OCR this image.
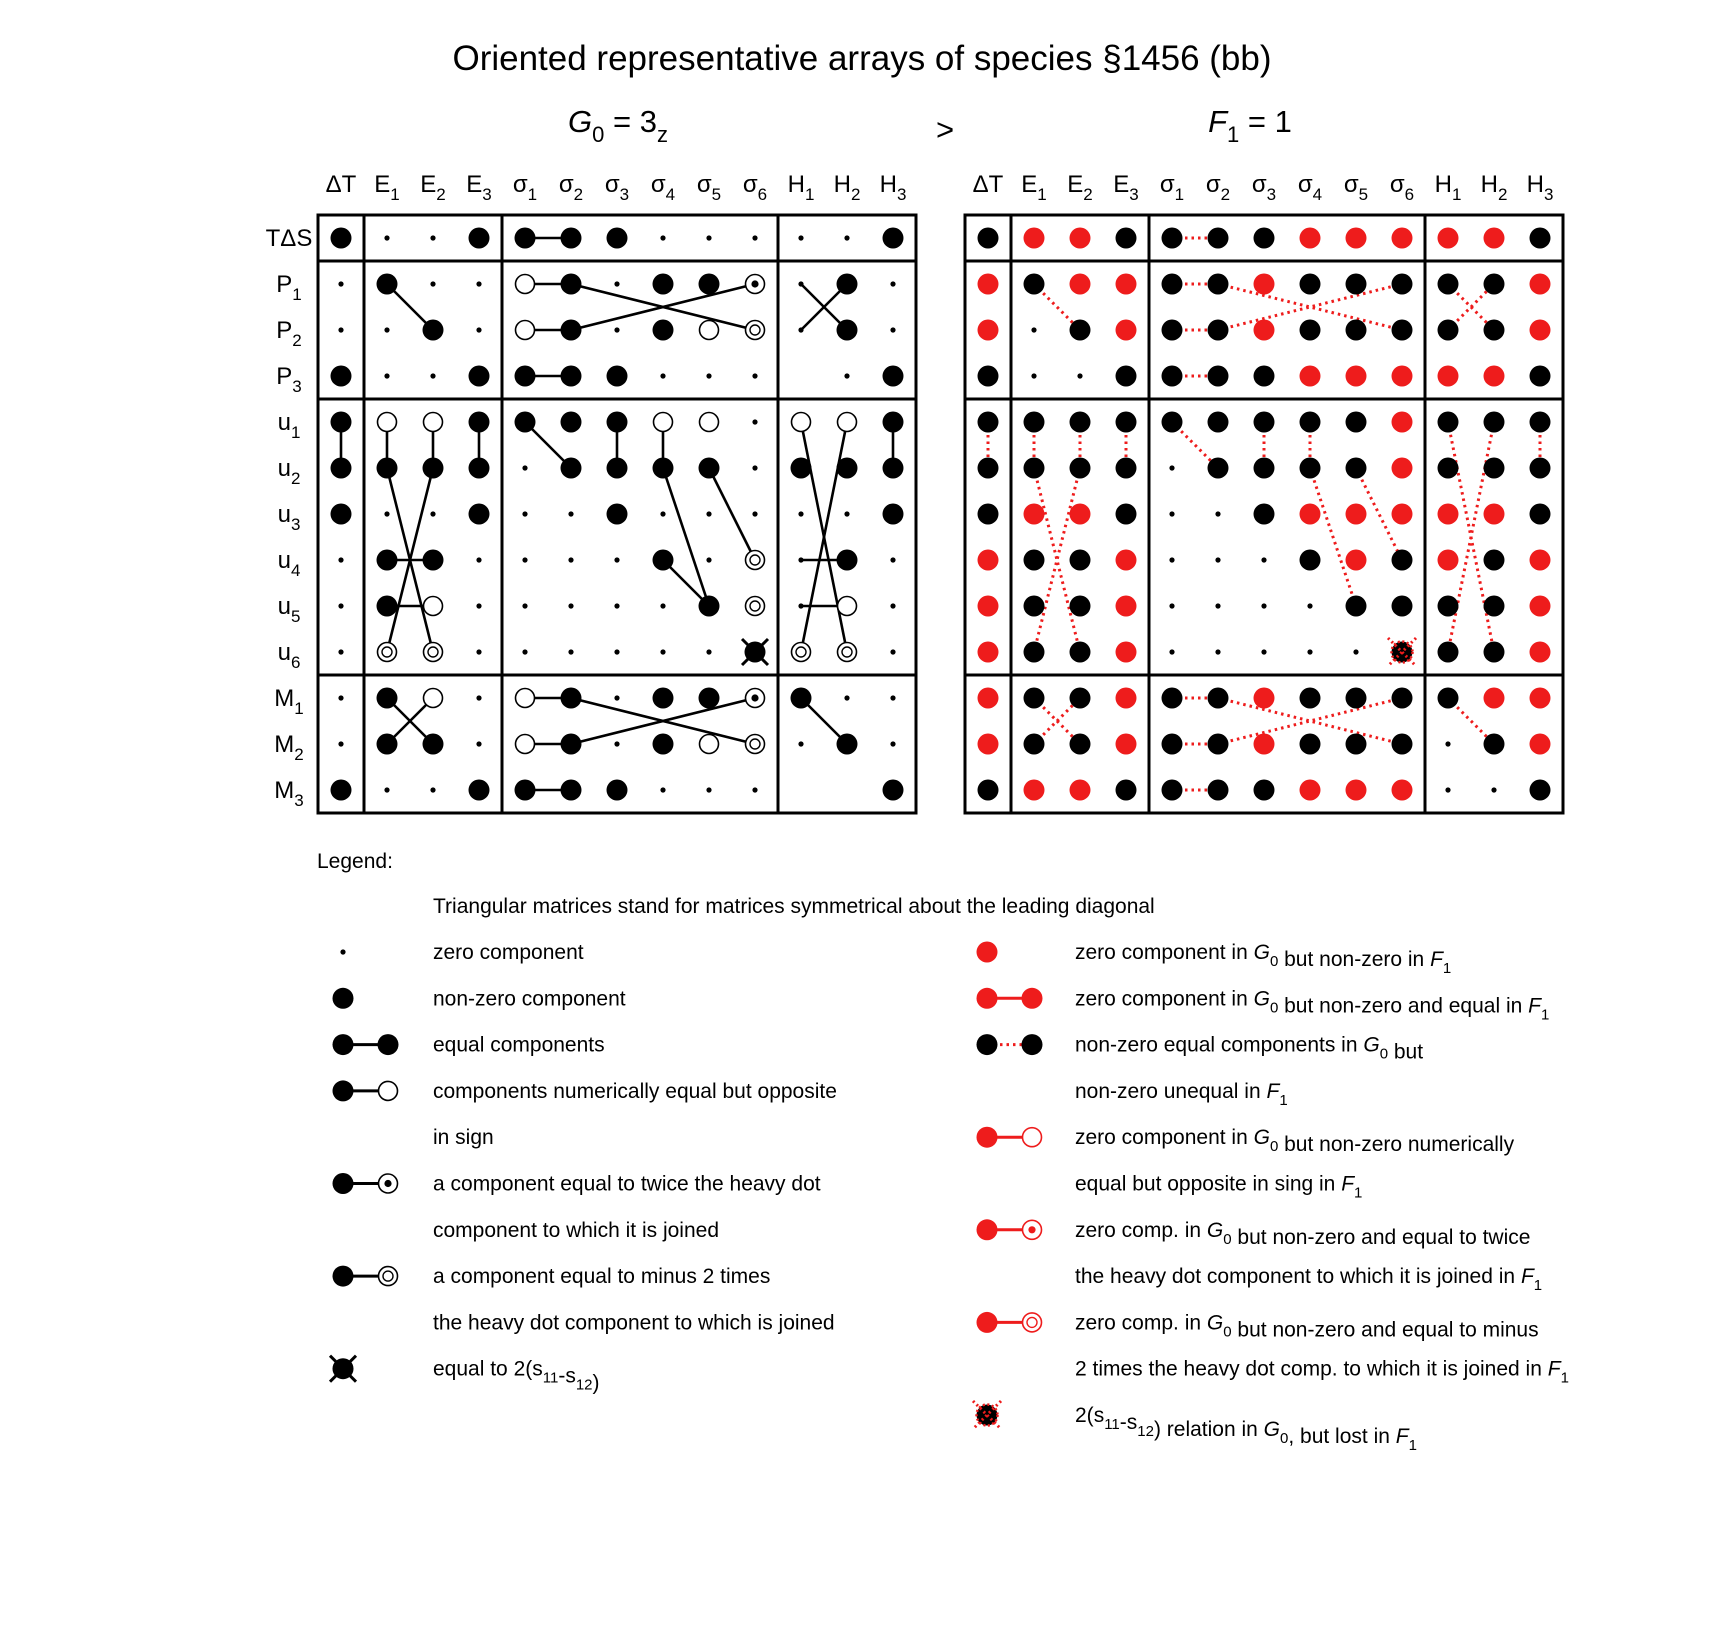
Oriented representative arrays of species §1456 (bb)
>
$G_0 = 3_z$	$F_1 = 1$
ΔT $E_1$ $E_2$ $E_3$ $\sigma_1$ $\sigma_2$ $\sigma_3$ $\sigma_4$ $\sigma_5$ $\sigma_6$ $H_1$ $H_2$ $H_3$	ΔT $E_1$ $E_2$ $E_3$ $\sigma_1$ $\sigma_2$ $\sigma_3$ $\sigma_4$ $\sigma_5$ $\sigma_6$ $H_1$ $H_2$ $H_3$
TΔS
$P_1$
$P_2$
$P_3$
$u_1$
$u_2$
$u_3$
$u_4$
$u_5$
$u_6$
$M_1$
$M_2$
$M_3$
Legend:
Triangular matrices stand for matrices symmetrical about the leading diagonal
zero component
non-zero component
equal components
components numerically equal but opposite
in sign
a component equal to twice the heavy dot
component to which it is joined
a component equal to minus 2 times
the heavy dot component to which is joined
equal to $2(s_{11}-s_{12})$
zero component in $G_0$ but non-zero in $F_1$
zero component in $G_0$ but non-zero and equal in $F_1$
non-zero equal components in $G_0$ but
non-zero unequal in $F_1$
zero component in $G_0$ but non-zero numerically
equal but opposite in sing in $F_1$
zero comp. in $G_0$ but non-zero and equal to twice
the heavy dot component to which it is joined in $F_1$
zero comp. in $G_0$ but non-zero and equal to minus
2 times the heavy dot comp. to which it is joined in $F_1$
$2(s_{11}-s_{12})$ relation in $G_0$, but lost in $F_1$
